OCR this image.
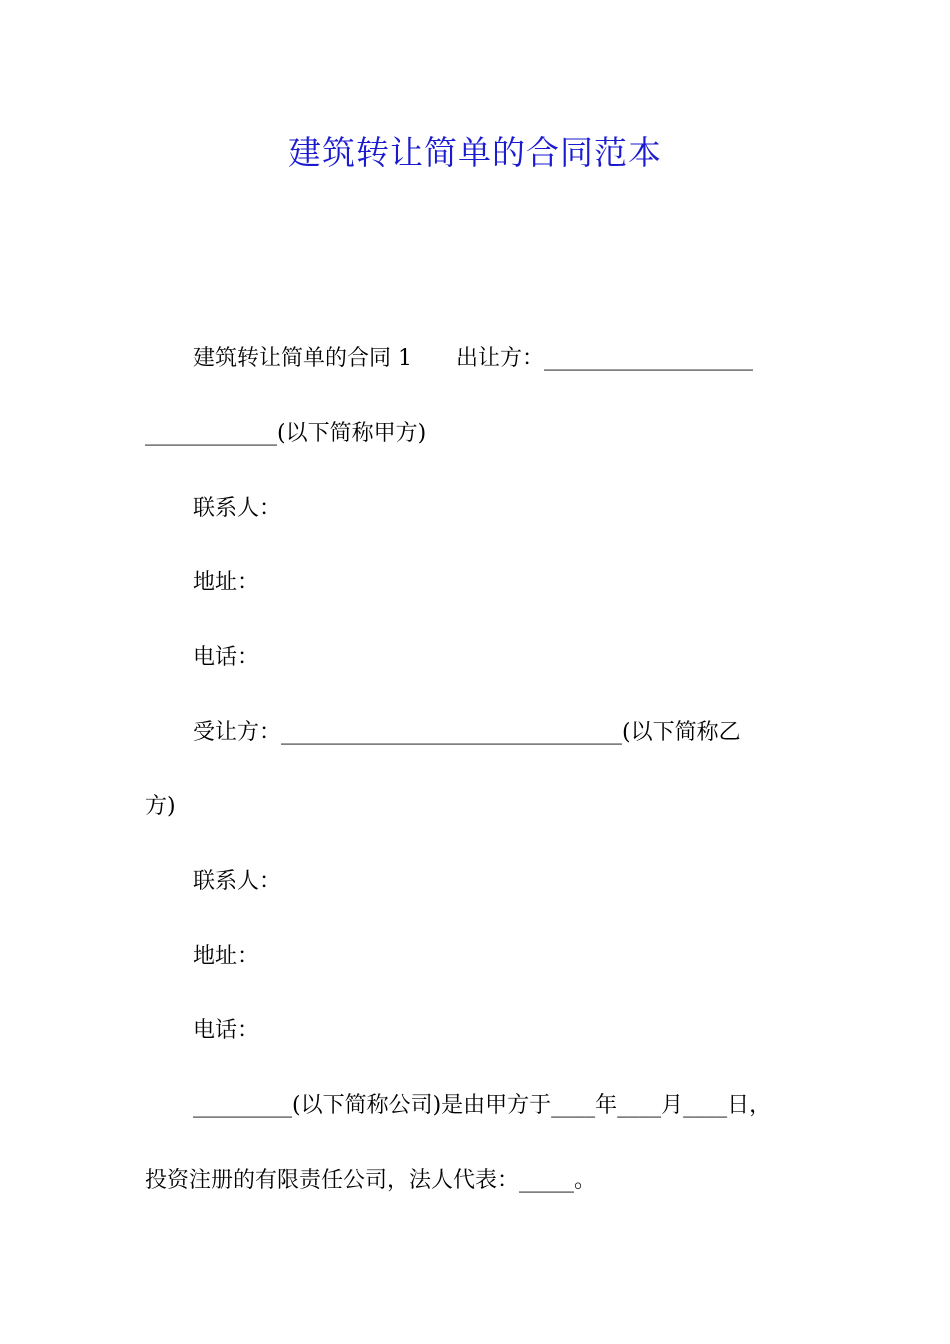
建筑转让简单的合同范本
建筑转让简单的合同 1　　出让方：___________________
____________(以下简称甲方)
联系人：
地址：
电话：
受让方：_______________________________(以下简称乙
方)
联系人：
地址：
电话：
_________(以下简称公司)是由甲方于____年____月____日，
投资注册的有限责任公司，法人代表：_____。
